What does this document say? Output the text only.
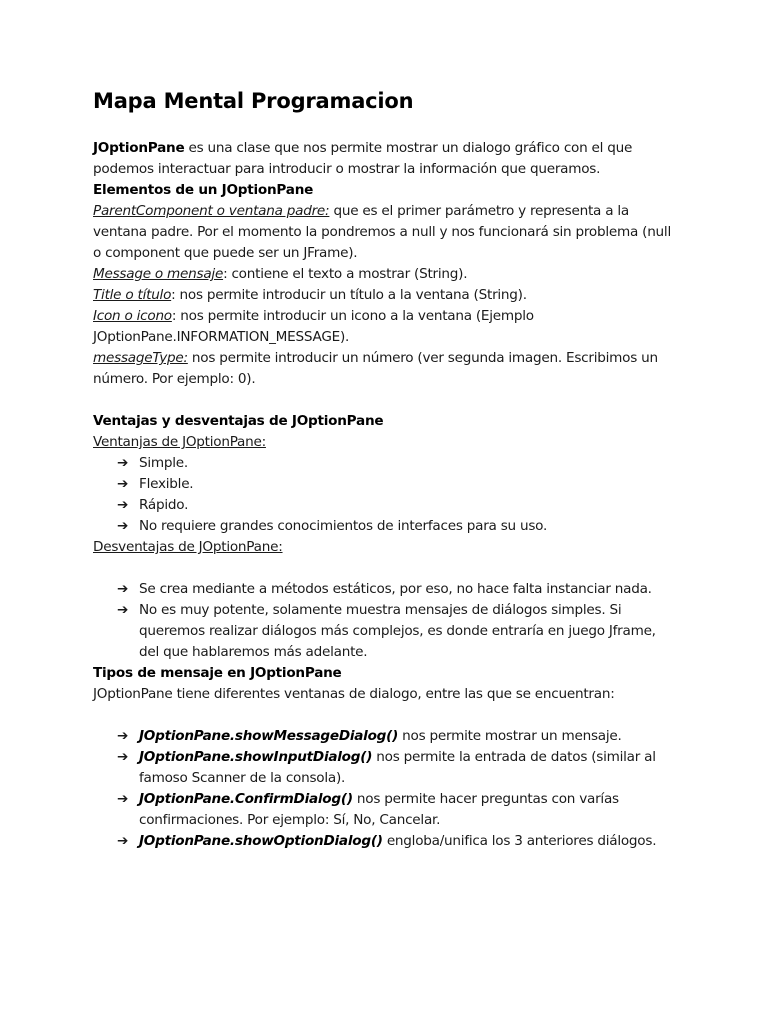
Mapa Mental Programacion

JOptionPane es una clase que nos permite mostrar un dialogo gráfico con el que podemos interactuar para introducir o mostrar la información que queramos.

Elementos de un JOptionPane

ParentComponent o ventana padre: que es el primer parámetro y representa a la ventana padre. Por el momento la pondremos a null y nos funcionará sin problema (null o component que puede ser un JFrame).

Message o mensaje: contiene el texto a mostrar (String).

Title o título: nos permite introducir un título a la ventana (String).

Icon o icono: nos permite introducir un icono a la ventana (Ejemplo JOptionPane.INFORMATION_MESSAGE).

messageType: nos permite introducir un número (ver segunda imagen. Escribimos un número. Por ejemplo: 0).

Ventajas y desventajas de JOptionPane

Ventanjas de JOptionPane:

➔ Simple.
➔ Flexible.
➔ Rápido.
➔ No requiere grandes conocimientos de interfaces para su uso.

Desventajas de JOptionPane:

➔ Se crea mediante a métodos estáticos, por eso, no hace falta instanciar nada.
➔ No es muy potente, solamente muestra mensajes de diálogos simples. Si queremos realizar diálogos más complejos, es donde entraría en juego Jframe, del que hablaremos más adelante.

Tipos de mensaje en JOptionPane

JOptionPane tiene diferentes ventanas de dialogo, entre las que se encuentran:

➔ JOptionPane.showMessageDialog() nos permite mostrar un mensaje.
➔ JOptionPane.showInputDialog() nos permite la entrada de datos (similar al famoso Scanner de la consola).
➔ JOptionPane.ConfirmDialog() nos permite hacer preguntas con varías confirmaciones. Por ejemplo: Sí, No, Cancelar.
➔ JOptionPane.showOptionDialog() engloba/unifica los 3 anteriores diálogos.
